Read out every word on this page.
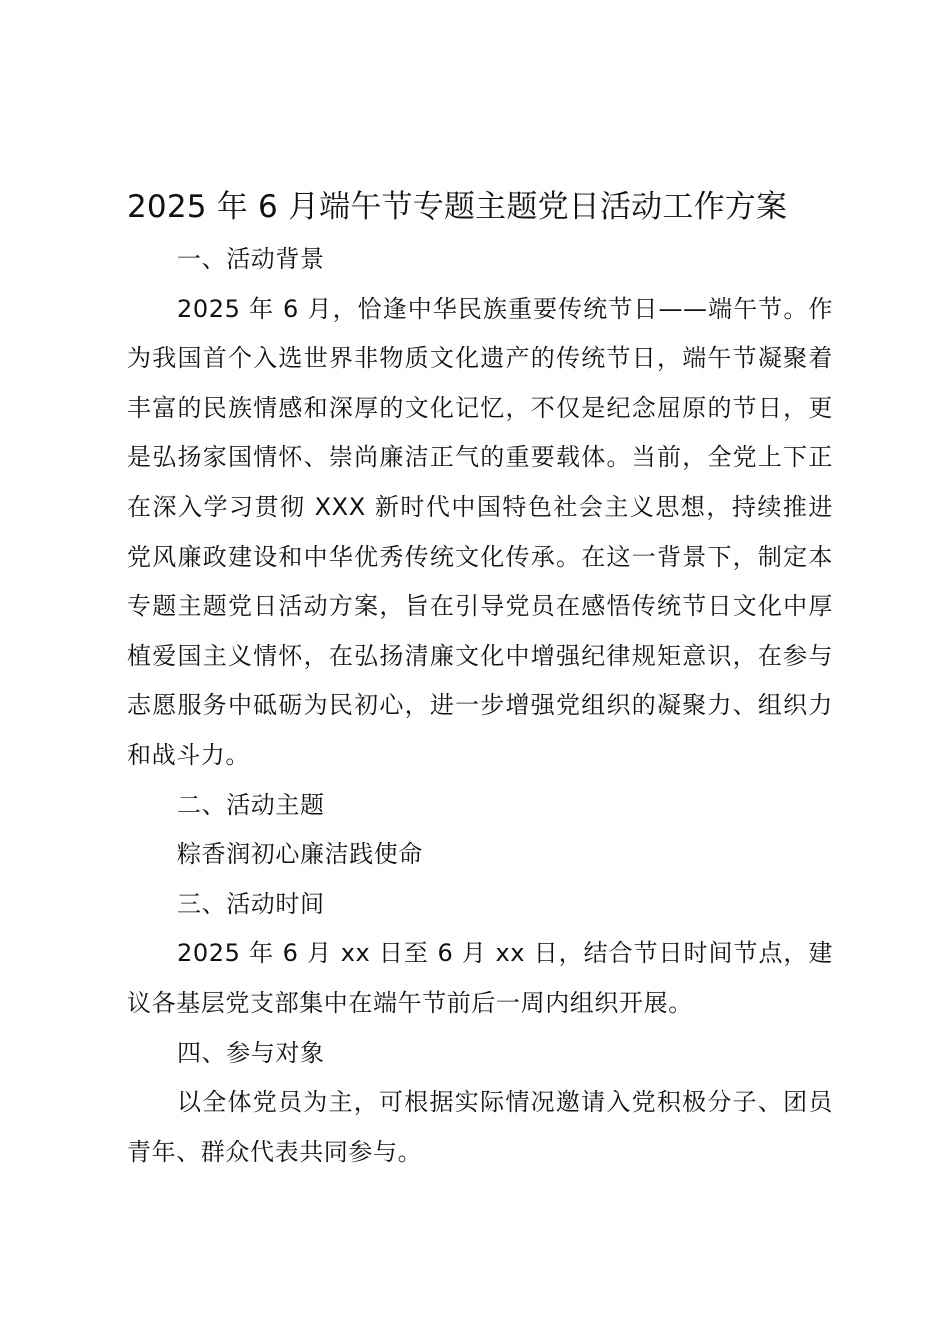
2025 年 6 月端午节专题主题党日活动工作方案
一、活动背景
2025 年 6 月，恰逢中华民族重要传统节日——端午节。作为我国首个入选世界非物质文化遗产的传统节日，端午节凝聚着丰富的民族情感和深厚的文化记忆，不仅是纪念屈原的节日，更是弘扬家国情怀、崇尚廉洁正气的重要载体。当前，全党上下正在深入学习贯彻 XXX 新时代中国特色社会主义思想，持续推进党风廉政建设和中华优秀传统文化传承。在这一背景下，制定本专题主题党日活动方案，旨在引导党员在感悟传统节日文化中厚植爱国主义情怀，在弘扬清廉文化中增强纪律规矩意识，在参与志愿服务中砥砺为民初心，进一步增强党组织的凝聚力、组织力和战斗力。
二、活动主题
粽香润初心廉洁践使命
三、活动时间
2025 年 6 月 xx 日至 6 月 xx 日，结合节日时间节点，建议各基层党支部集中在端午节前后一周内组织开展。
四、参与对象
以全体党员为主，可根据实际情况邀请入党积极分子、团员青年、群众代表共同参与。
